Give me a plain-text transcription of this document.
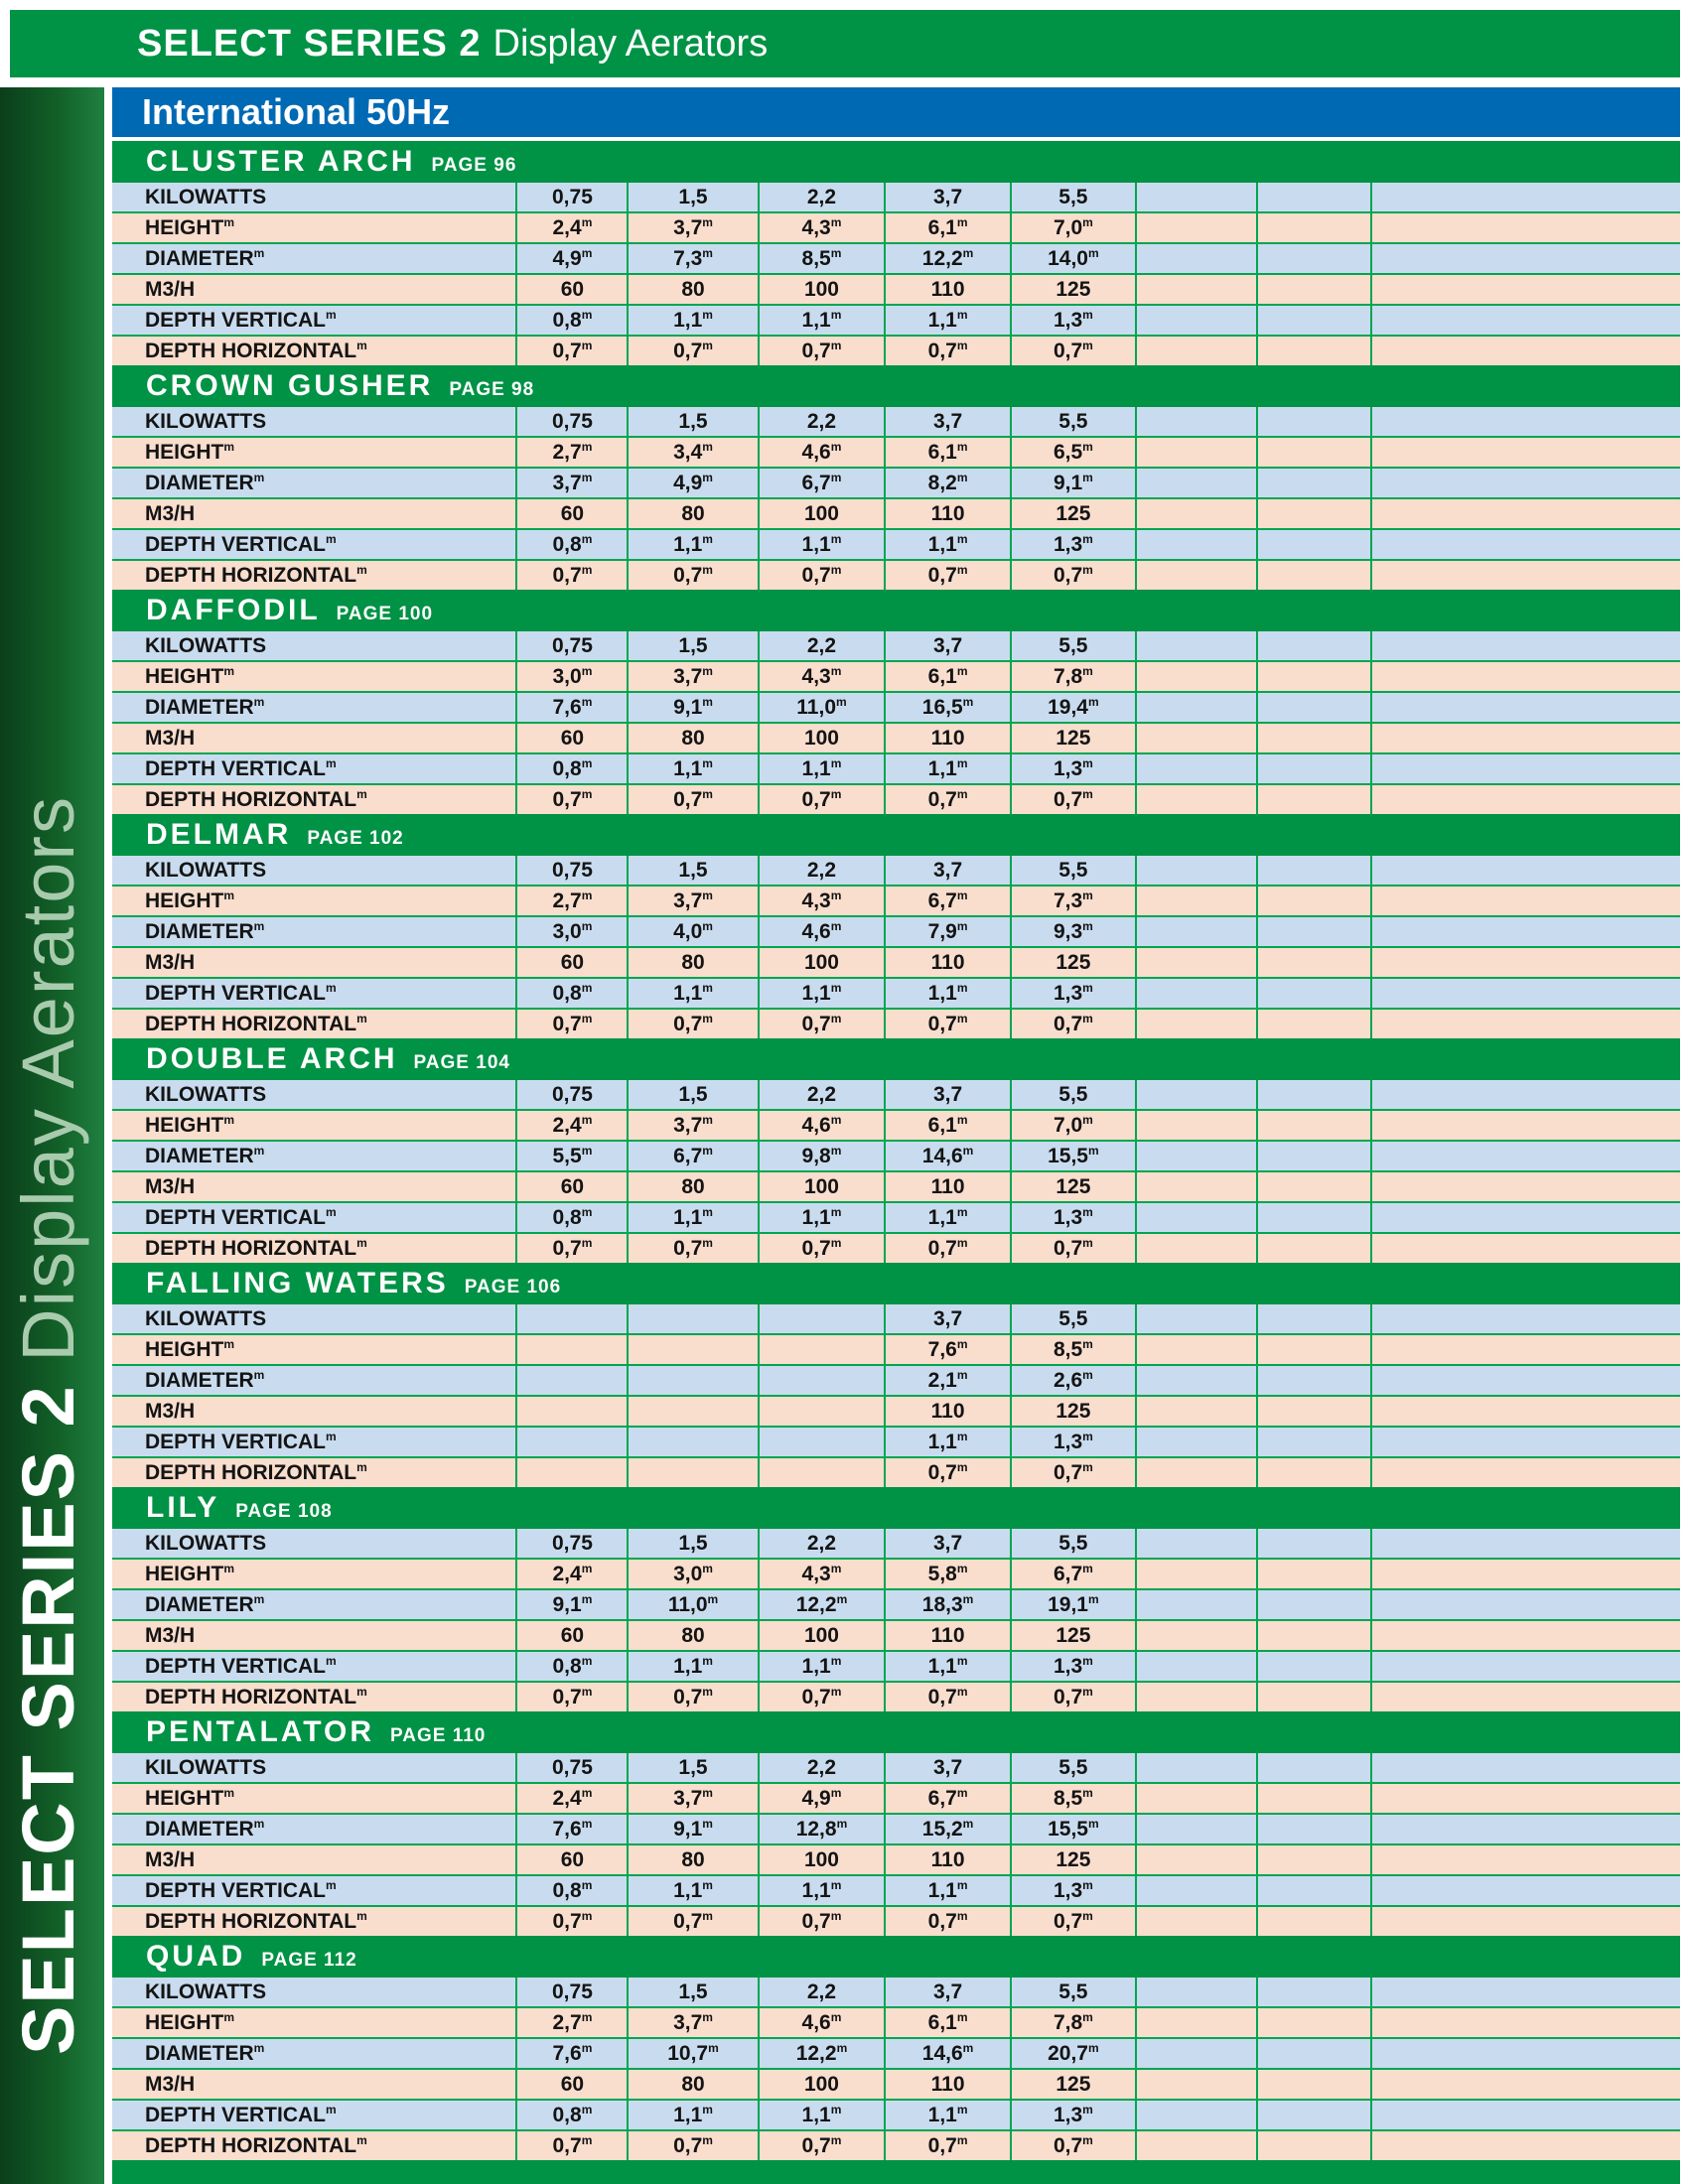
SELECT SERIES 2 Display Aerators
SELECT SERIES 2 Display Aerators
International 50Hz
CLUSTER ARCH PAGE 96
KILOWATTS	0,75	1,5	2,2	3,7	5,5			
HEIGHT$^m$	2,4$^m$	3,7$^m$	4,3$^m$	6,1$^m$	7,0$^m$			
DIAMETER$^m$	4,9$^m$	7,3$^m$	8,5$^m$	12,2$^m$	14,0$^m$			
M3/H	60	80	100	110	125			
DEPTH VERTICAL$^m$	0,8$^m$	1,1$^m$	1,1$^m$	1,1$^m$	1,3$^m$			
DEPTH HORIZONTAL$^m$	0,7$^m$	0,7$^m$	0,7$^m$	0,7$^m$	0,7$^m$			
CROWN GUSHER PAGE 98
KILOWATTS	0,75	1,5	2,2	3,7	5,5			
HEIGHT$^m$	2,7$^m$	3,4$^m$	4,6$^m$	6,1$^m$	6,5$^m$			
DIAMETER$^m$	3,7$^m$	4,9$^m$	6,7$^m$	8,2$^m$	9,1$^m$			
M3/H	60	80	100	110	125			
DEPTH VERTICAL$^m$	0,8$^m$	1,1$^m$	1,1$^m$	1,1$^m$	1,3$^m$			
DEPTH HORIZONTAL$^m$	0,7$^m$	0,7$^m$	0,7$^m$	0,7$^m$	0,7$^m$			
DAFFODIL PAGE 100
KILOWATTS	0,75	1,5	2,2	3,7	5,5			
HEIGHT$^m$	3,0$^m$	3,7$^m$	4,3$^m$	6,1$^m$	7,8$^m$			
DIAMETER$^m$	7,6$^m$	9,1$^m$	11,0$^m$	16,5$^m$	19,4$^m$			
M3/H	60	80	100	110	125			
DEPTH VERTICAL$^m$	0,8$^m$	1,1$^m$	1,1$^m$	1,1$^m$	1,3$^m$			
DEPTH HORIZONTAL$^m$	0,7$^m$	0,7$^m$	0,7$^m$	0,7$^m$	0,7$^m$			
DELMAR PAGE 102
KILOWATTS	0,75	1,5	2,2	3,7	5,5			
HEIGHT$^m$	2,7$^m$	3,7$^m$	4,3$^m$	6,7$^m$	7,3$^m$			
DIAMETER$^m$	3,0$^m$	4,0$^m$	4,6$^m$	7,9$^m$	9,3$^m$			
M3/H	60	80	100	110	125			
DEPTH VERTICAL$^m$	0,8$^m$	1,1$^m$	1,1$^m$	1,1$^m$	1,3$^m$			
DEPTH HORIZONTAL$^m$	0,7$^m$	0,7$^m$	0,7$^m$	0,7$^m$	0,7$^m$			
DOUBLE ARCH PAGE 104
KILOWATTS	0,75	1,5	2,2	3,7	5,5			
HEIGHT$^m$	2,4$^m$	3,7$^m$	4,6$^m$	6,1$^m$	7,0$^m$			
DIAMETER$^m$	5,5$^m$	6,7$^m$	9,8$^m$	14,6$^m$	15,5$^m$			
M3/H	60	80	100	110	125			
DEPTH VERTICAL$^m$	0,8$^m$	1,1$^m$	1,1$^m$	1,1$^m$	1,3$^m$			
DEPTH HORIZONTAL$^m$	0,7$^m$	0,7$^m$	0,7$^m$	0,7$^m$	0,7$^m$			
FALLING WATERS PAGE 106
KILOWATTS				3,7	5,5			
HEIGHT$^m$				7,6$^m$	8,5$^m$			
DIAMETER$^m$				2,1$^m$	2,6$^m$			
M3/H				110	125			
DEPTH VERTICAL$^m$				1,1$^m$	1,3$^m$			
DEPTH HORIZONTAL$^m$				0,7$^m$	0,7$^m$			
LILY PAGE 108
KILOWATTS	0,75	1,5	2,2	3,7	5,5			
HEIGHT$^m$	2,4$^m$	3,0$^m$	4,3$^m$	5,8$^m$	6,7$^m$			
DIAMETER$^m$	9,1$^m$	11,0$^m$	12,2$^m$	18,3$^m$	19,1$^m$			
M3/H	60	80	100	110	125			
DEPTH VERTICAL$^m$	0,8$^m$	1,1$^m$	1,1$^m$	1,1$^m$	1,3$^m$			
DEPTH HORIZONTAL$^m$	0,7$^m$	0,7$^m$	0,7$^m$	0,7$^m$	0,7$^m$			
PENTALATOR PAGE 110
KILOWATTS	0,75	1,5	2,2	3,7	5,5			
HEIGHT$^m$	2,4$^m$	3,7$^m$	4,9$^m$	6,7$^m$	8,5$^m$			
DIAMETER$^m$	7,6$^m$	9,1$^m$	12,8$^m$	15,2$^m$	15,5$^m$			
M3/H	60	80	100	110	125			
DEPTH VERTICAL$^m$	0,8$^m$	1,1$^m$	1,1$^m$	1,1$^m$	1,3$^m$			
DEPTH HORIZONTAL$^m$	0,7$^m$	0,7$^m$	0,7$^m$	0,7$^m$	0,7$^m$			
QUAD PAGE 112
KILOWATTS	0,75	1,5	2,2	3,7	5,5			
HEIGHT$^m$	2,7$^m$	3,7$^m$	4,6$^m$	6,1$^m$	7,8$^m$			
DIAMETER$^m$	7,6$^m$	10,7$^m$	12,2$^m$	14,6$^m$	20,7$^m$			
M3/H	60	80	100	110	125			
DEPTH VERTICAL$^m$	0,8$^m$	1,1$^m$	1,1$^m$	1,1$^m$	1,3$^m$			
DEPTH HORIZONTAL$^m$	0,7$^m$	0,7$^m$	0,7$^m$	0,7$^m$	0,7$^m$			
